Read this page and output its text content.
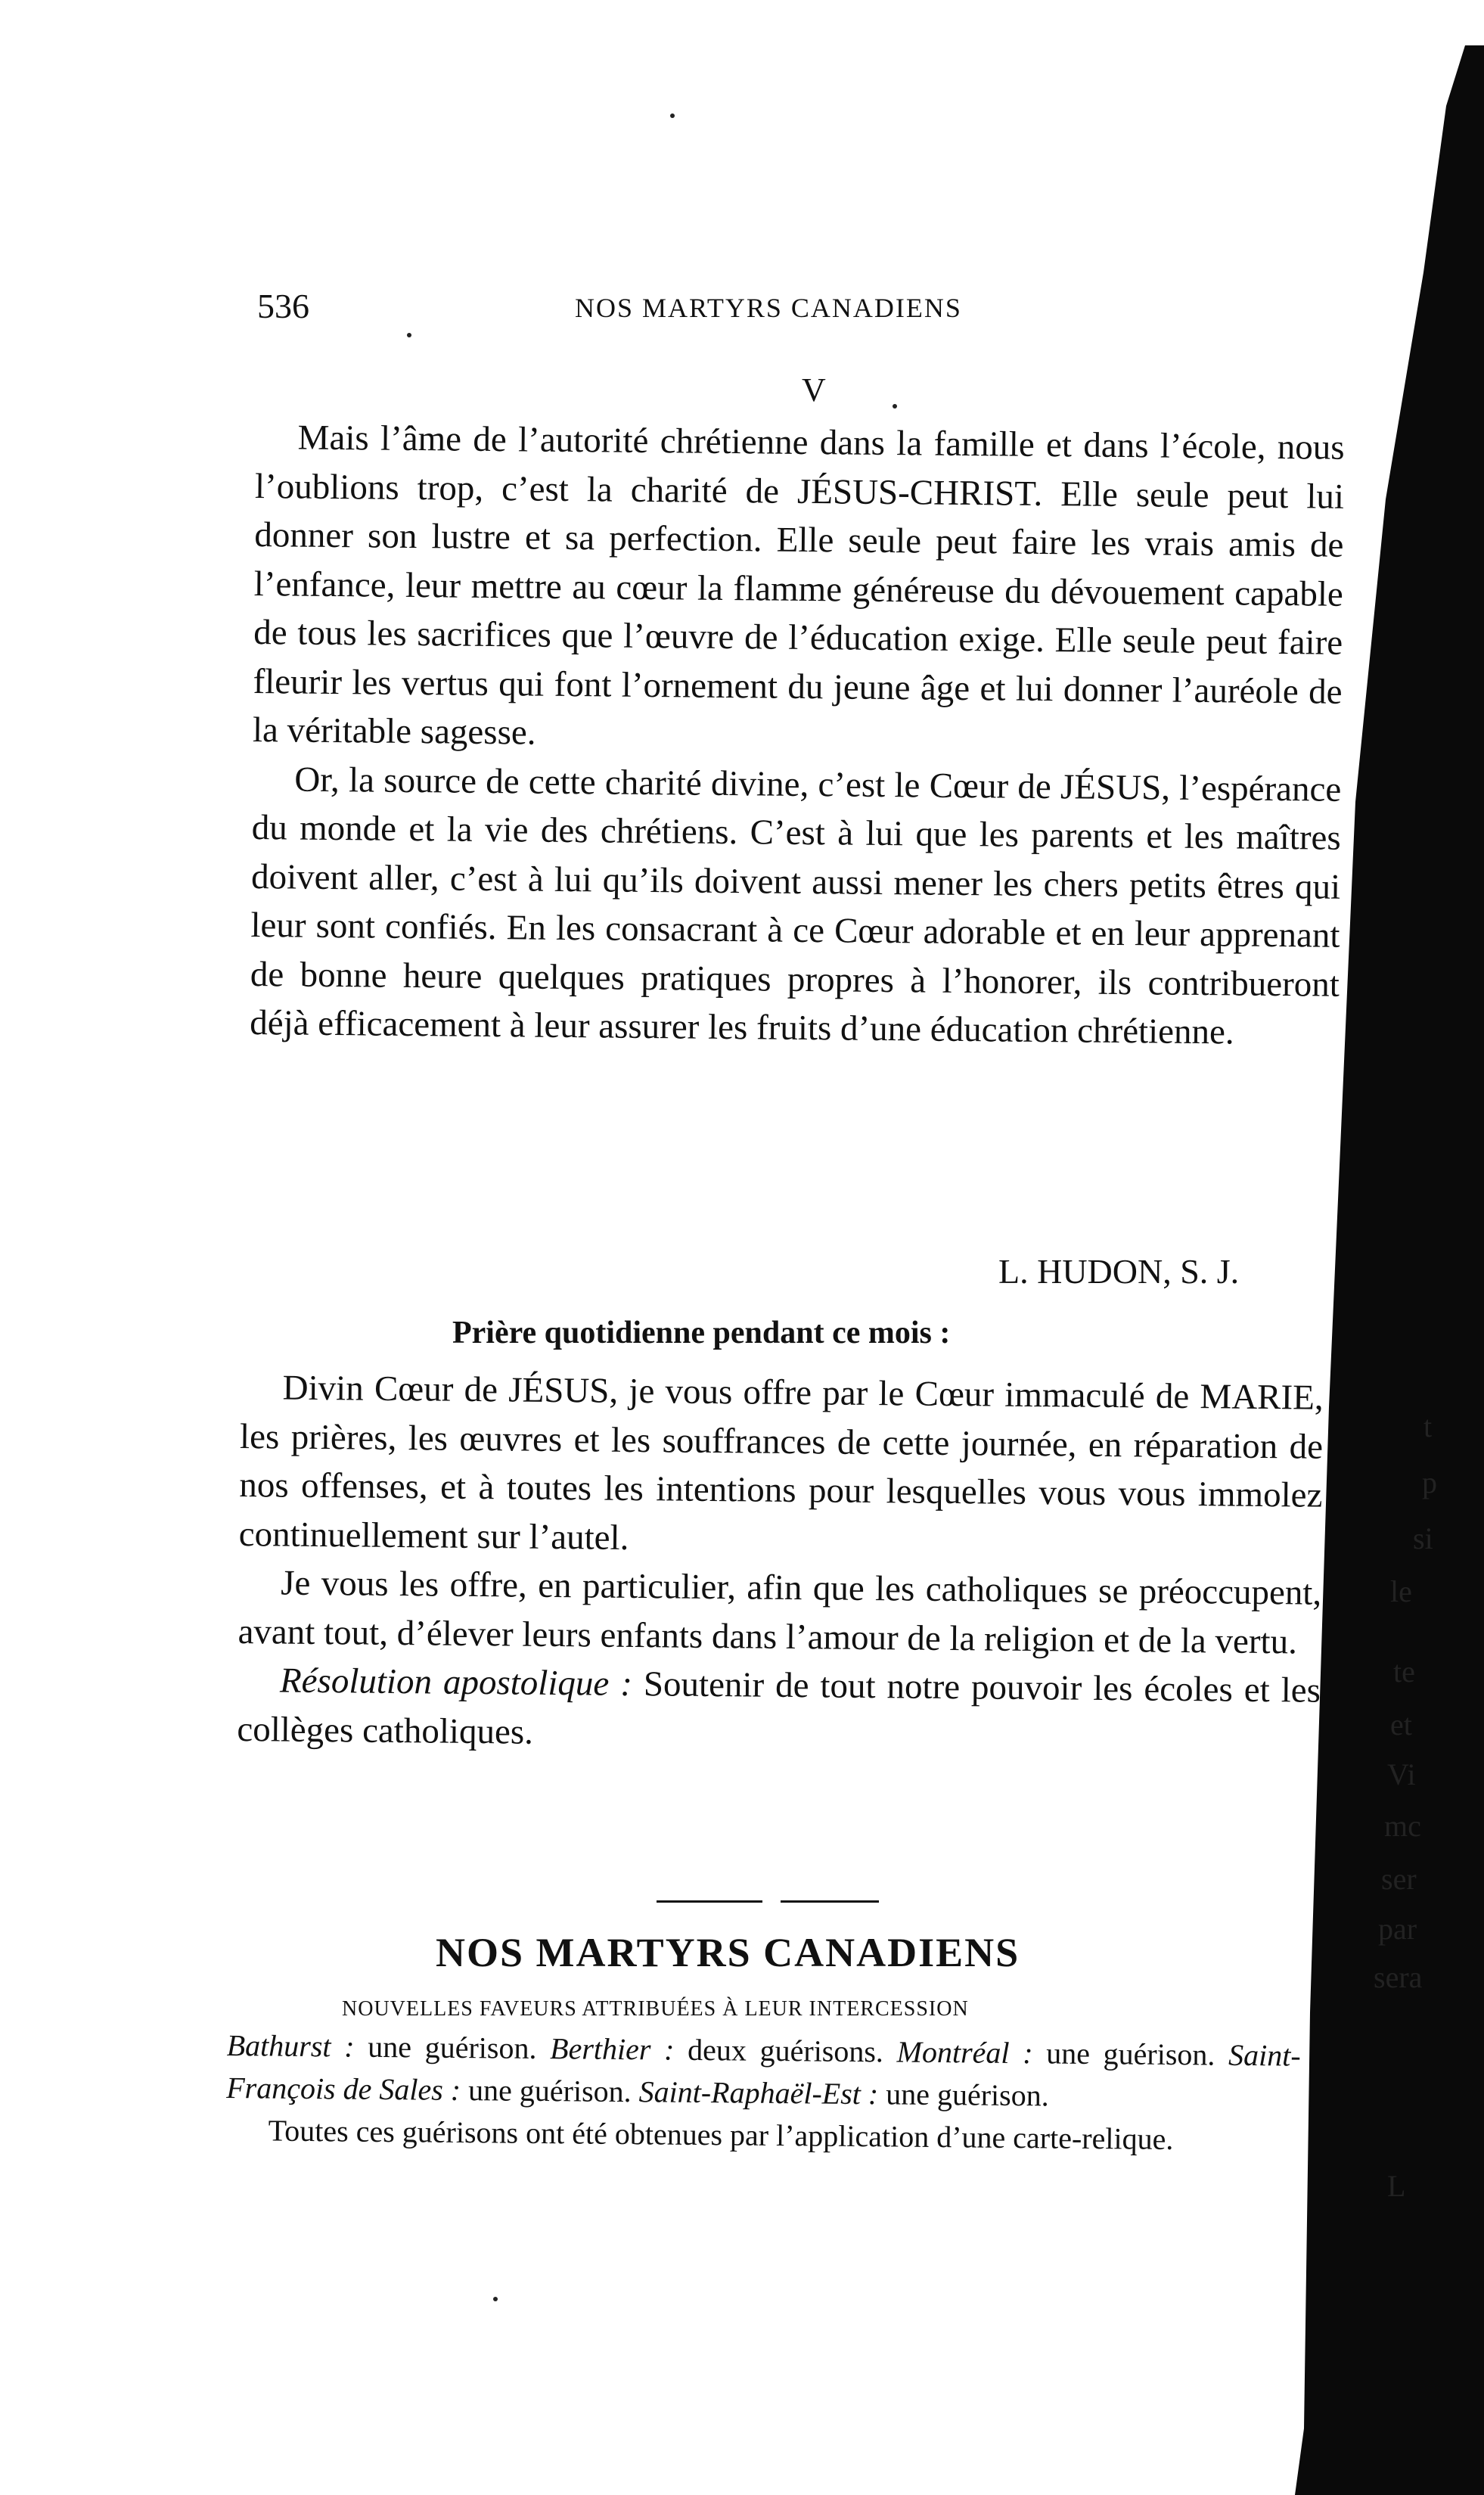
536	NOS MARTYRS CANADIENS
V

Mais l’âme de l’autorité chrétienne dans la famille et dans l’école, nous l’oublions trop, c’est la charité de JÉSUS-CHRIST. Elle seule peut lui donner son lustre et sa perfection. Elle seule peut faire les vrais amis de l’enfance, leur mettre au cœur la flamme généreuse du dévouement capable de tous les sacrifices que l’œuvre de l’éducation exige. Elle seule peut faire fleurir les vertus qui font l’ornement du jeune âge et lui donner l’auréole de la véritable sagesse.

Or, la source de cette charité divine, c’est le Cœur de JÉSUS, l’espérance du monde et la vie des chrétiens. C’est à lui que les parents et les maîtres doivent aller, c’est à lui qu’ils doivent aussi mener les chers petits êtres qui leur sont confiés. En les consacrant à ce Cœur adorable et en leur apprenant de bonne heure quelques pratiques propres à l’honorer, ils contribueront déjà efficacement à leur assurer les fruits d’une éducation chrétienne.

L. HUDON, S. J.
Prière quotidienne pendant ce mois :

Divin Cœur de JÉSUS, je vous offre par le Cœur immaculé de MARIE, les prières, les œuvres et les souffrances de cette journée, en réparation de nos offenses, et à toutes les intentions pour lesquelles vous vous immolez continuellement sur l’autel.

Je vous les offre, en particulier, afin que les catholiques se préoccupent, avant tout, d’élever leurs enfants dans l’amour de la religion et de la vertu.

Résolution apostolique : Soutenir de tout notre pouvoir les écoles et les collèges catholiques.

NOS MARTYRS CANADIENS
NOUVELLES FAVEURS ATTRIBUÉES À LEUR INTERCESSION

Bathurst : une guérison. Berthier : deux guérisons. Montréal : une guérison. Saint-François de Sales : une guérison. Saint-Raphaël-Est : une guérison.

Toutes ces guérisons ont été obtenues par l’application d’une carte-relique.

t
p
si
le
te
et
Vi
mc
ser
par
sera
L
